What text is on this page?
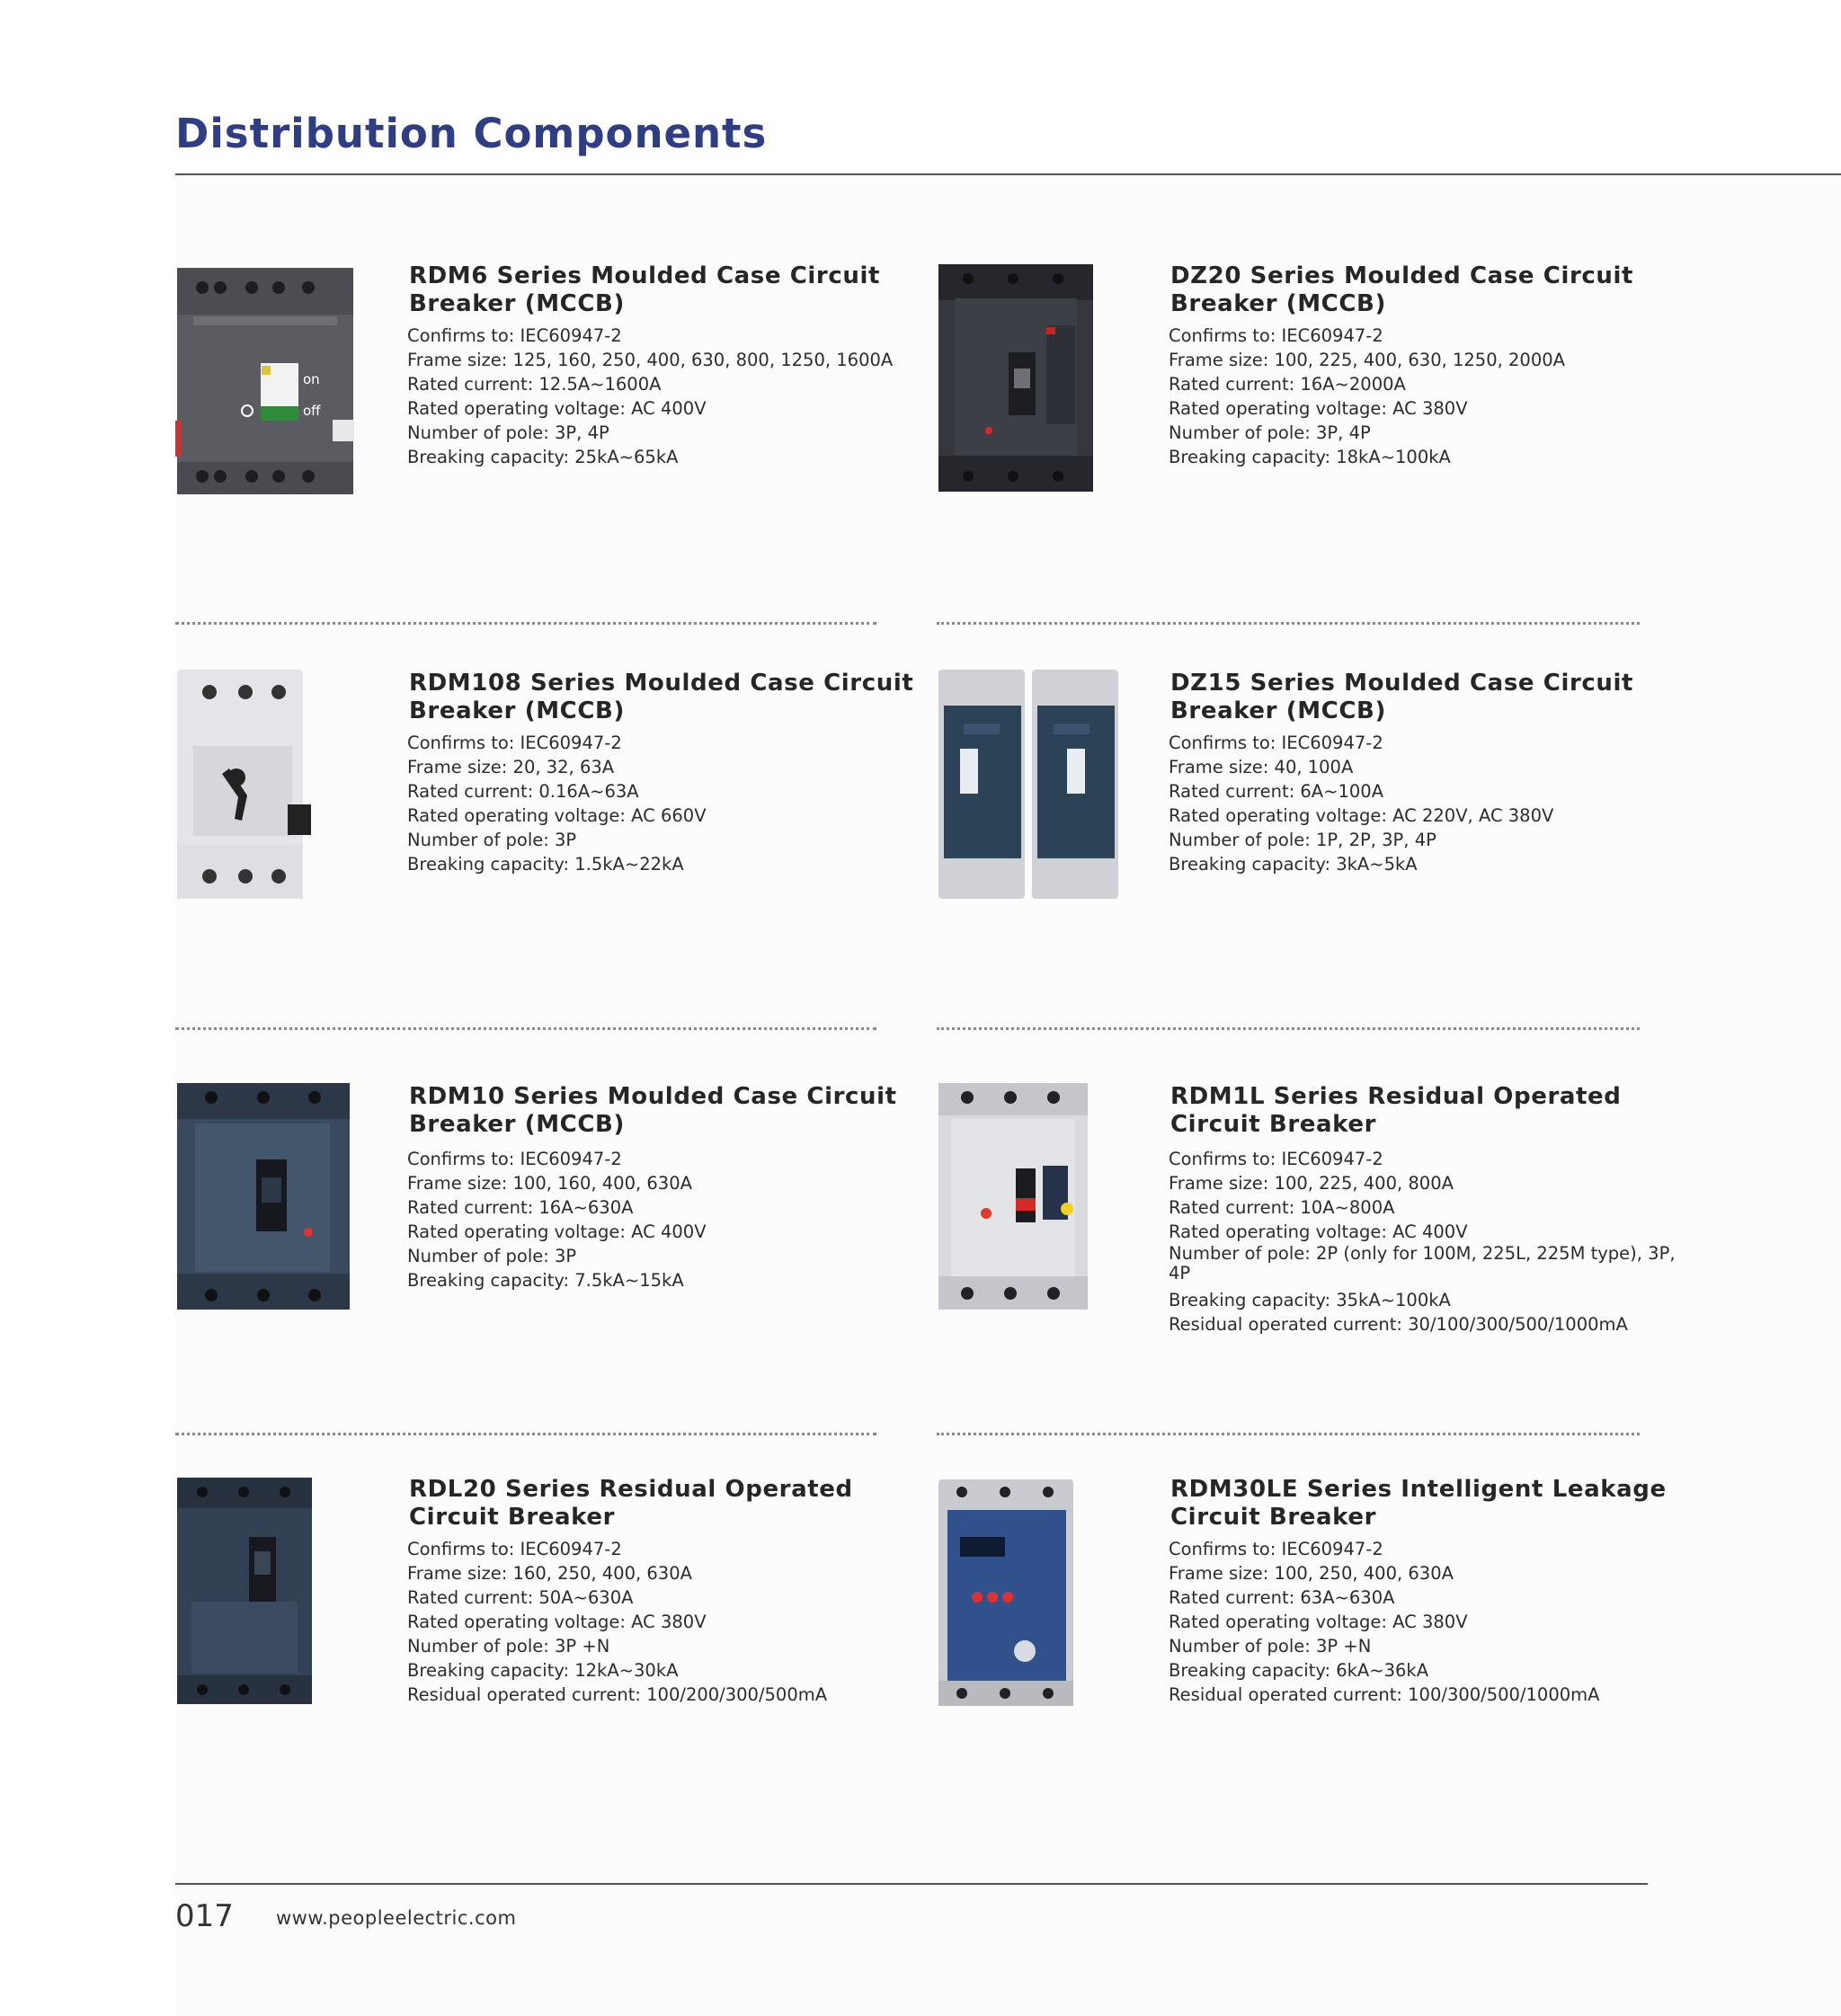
Distribution Components
on
off
RDM6 Series Moulded Case Circuit
Breaker (MCCB)
Confirms to: IEC60947-2
Frame size: 125, 160, 250, 400, 630, 800, 1250, 1600A
Rated current: 12.5A~1600A
Rated operating voltage: AC 400V
Number of pole: 3P, 4P
Breaking capacity: 25kA~65kA
DZ20 Series Moulded Case Circuit
Breaker (MCCB)
Confirms to: IEC60947-2
Frame size: 100, 225, 400, 630, 1250, 2000A
Rated current: 16A~2000A
Rated operating voltage: AC 380V
Number of pole: 3P, 4P
Breaking capacity: 18kA~100kA
RDM108 Series Moulded Case Circuit
Breaker (MCCB)
Confirms to: IEC60947-2
Frame size: 20, 32, 63A
Rated current: 0.16A~63A
Rated operating voltage: AC 660V
Number of pole: 3P
Breaking capacity: 1.5kA~22kA
DZ15 Series Moulded Case Circuit
Breaker (MCCB)
Confirms to: IEC60947-2
Frame size: 40, 100A
Rated current: 6A~100A
Rated operating voltage: AC 220V, AC 380V
Number of pole: 1P, 2P, 3P, 4P
Breaking capacity: 3kA~5kA
RDM10 Series Moulded Case Circuit
Breaker (MCCB)
Confirms to: IEC60947-2
Frame size: 100, 160, 400, 630A
Rated current: 16A~630A
Rated operating voltage: AC 400V
Number of pole: 3P
Breaking capacity: 7.5kA~15kA
RDM1L Series Residual Operated
Circuit Breaker
Confirms to: IEC60947-2
Frame size: 100, 225, 400, 800A
Rated current: 10A~800A
Rated operating voltage: AC 400V
Number of pole: 2P (only for 100M, 225L, 225M type), 3P, 4P
Breaking capacity: 35kA~100kA
Residual operated current: 30/100/300/500/1000mA
RDL20 Series Residual Operated
Circuit Breaker
Confirms to: IEC60947-2
Frame size: 160, 250, 400, 630A
Rated current: 50A~630A
Rated operating voltage: AC 380V
Number of pole: 3P +N
Breaking capacity: 12kA~30kA
Residual operated current: 100/200/300/500mA
RDM30LE Series Intelligent Leakage
Circuit Breaker
Confirms to: IEC60947-2
Frame size: 100, 250, 400, 630A
Rated current: 63A~630A
Rated operating voltage: AC 380V
Number of pole: 3P +N
Breaking capacity: 6kA~36kA
Residual operated current: 100/300/500/1000mA
017 www.peopleelectric.com
